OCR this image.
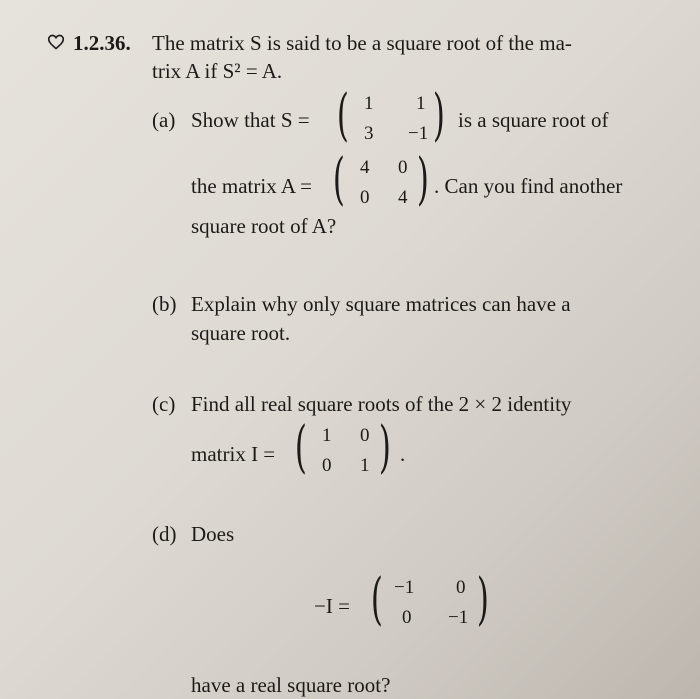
1.2.36. The matrix S is said to be a square root of the ma-
trix A if S² = A.
(a) Show that S = ( 1 1
3 −1 ) is a square root of
the matrix A = ( 4 0
0 4 ) . Can you find another
square root of A?
(b) Explain why only square matrices can have a
square root.
(c) Find all real square roots of the 2 × 2 identity
matrix I = ( 1 0
0 1 ) .
(d) Does
−I = ( −1 0
0 −1 )
have a real square root?
